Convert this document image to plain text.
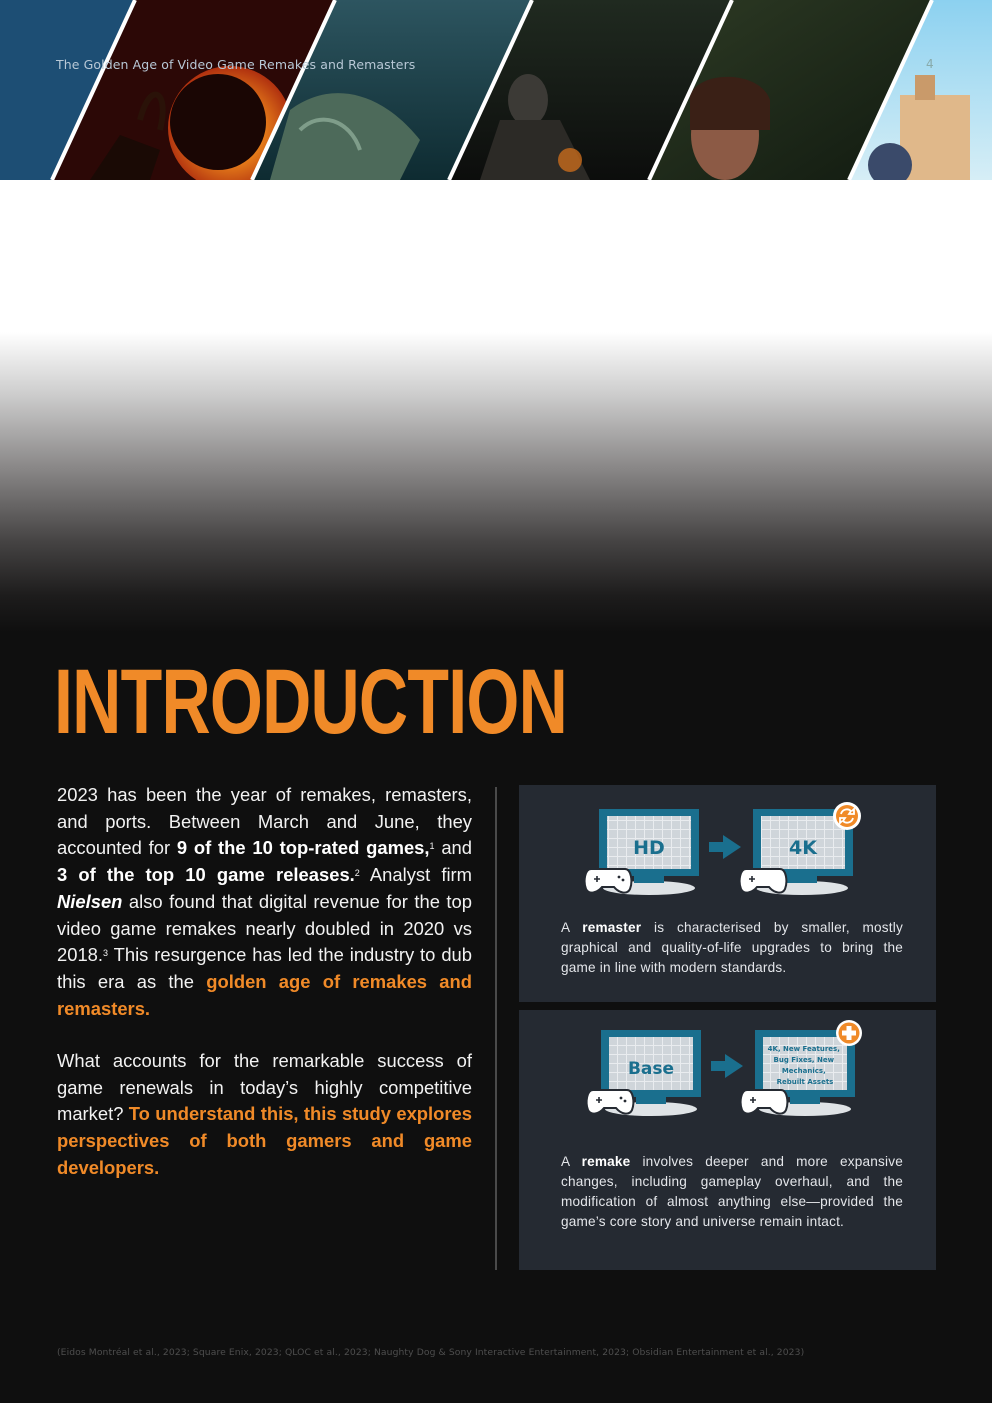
The Golden Age of Video Game Remakes and Remasters	4
INTRODUCTION
2023 has been the year of remakes, remasters, and ports. Between March and June, they accounted for 9 of the 10 top-rated games,$^1$ and 3 of the top 10 game releases.$^2$ Analyst firm Nielsen also found that digital revenue for the top video game remakes nearly doubled in 2020 vs 2018.$^3$ This resurgence has led the industry to dub this era as the golden age of remakes and remasters.
What accounts for the remarkable success of game renewals in today’s highly competitive market? To understand this, this study explores perspectives of both gamers and game developers.
HD	4K
A remaster is characterised by smaller, mostly graphical and quality-of-life upgrades to bring the game in line with modern standards.
Base
4K, New Features, Bug Fixes, New Mechanics, Rebuilt Assets
A remake involves deeper and more expansive changes, including gameplay overhaul, and the modification of almost anything else—provided the game’s core story and universe remain intact.
(Eidos Montréal et al., 2023; Square Enix, 2023; QLOC et al., 2023; Naughty Dog & Sony Interactive Entertainment, 2023; Obsidian Entertainment et al., 2023)
